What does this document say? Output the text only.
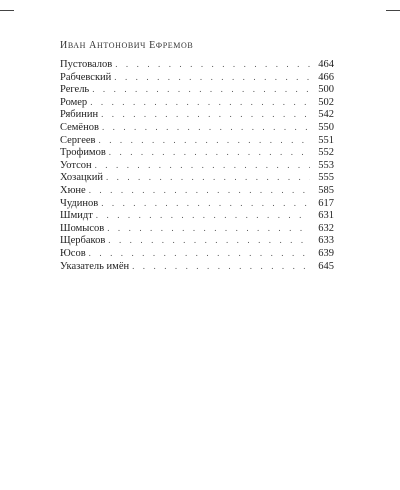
ИВАН АНТОНОВИЧ ЕФРЕМОВ
Пустовалов . . .	464
Рабчевский . . .	466
Регель . . .	500
Ромер . . .	502
Рябинин . . .	542
Семёнов . . .	550
Сергеев . . .	551
Трофимов . . .	552
Уотсон . . .	553
Хозацкий . . .	555
Хюне . . .	585
Чудинов . . .	617
Шмидт . . .	631
Шомысов . . .	632
Щербаков . . .	633
Юсов . . .	639
Указатель имён . . .	645
